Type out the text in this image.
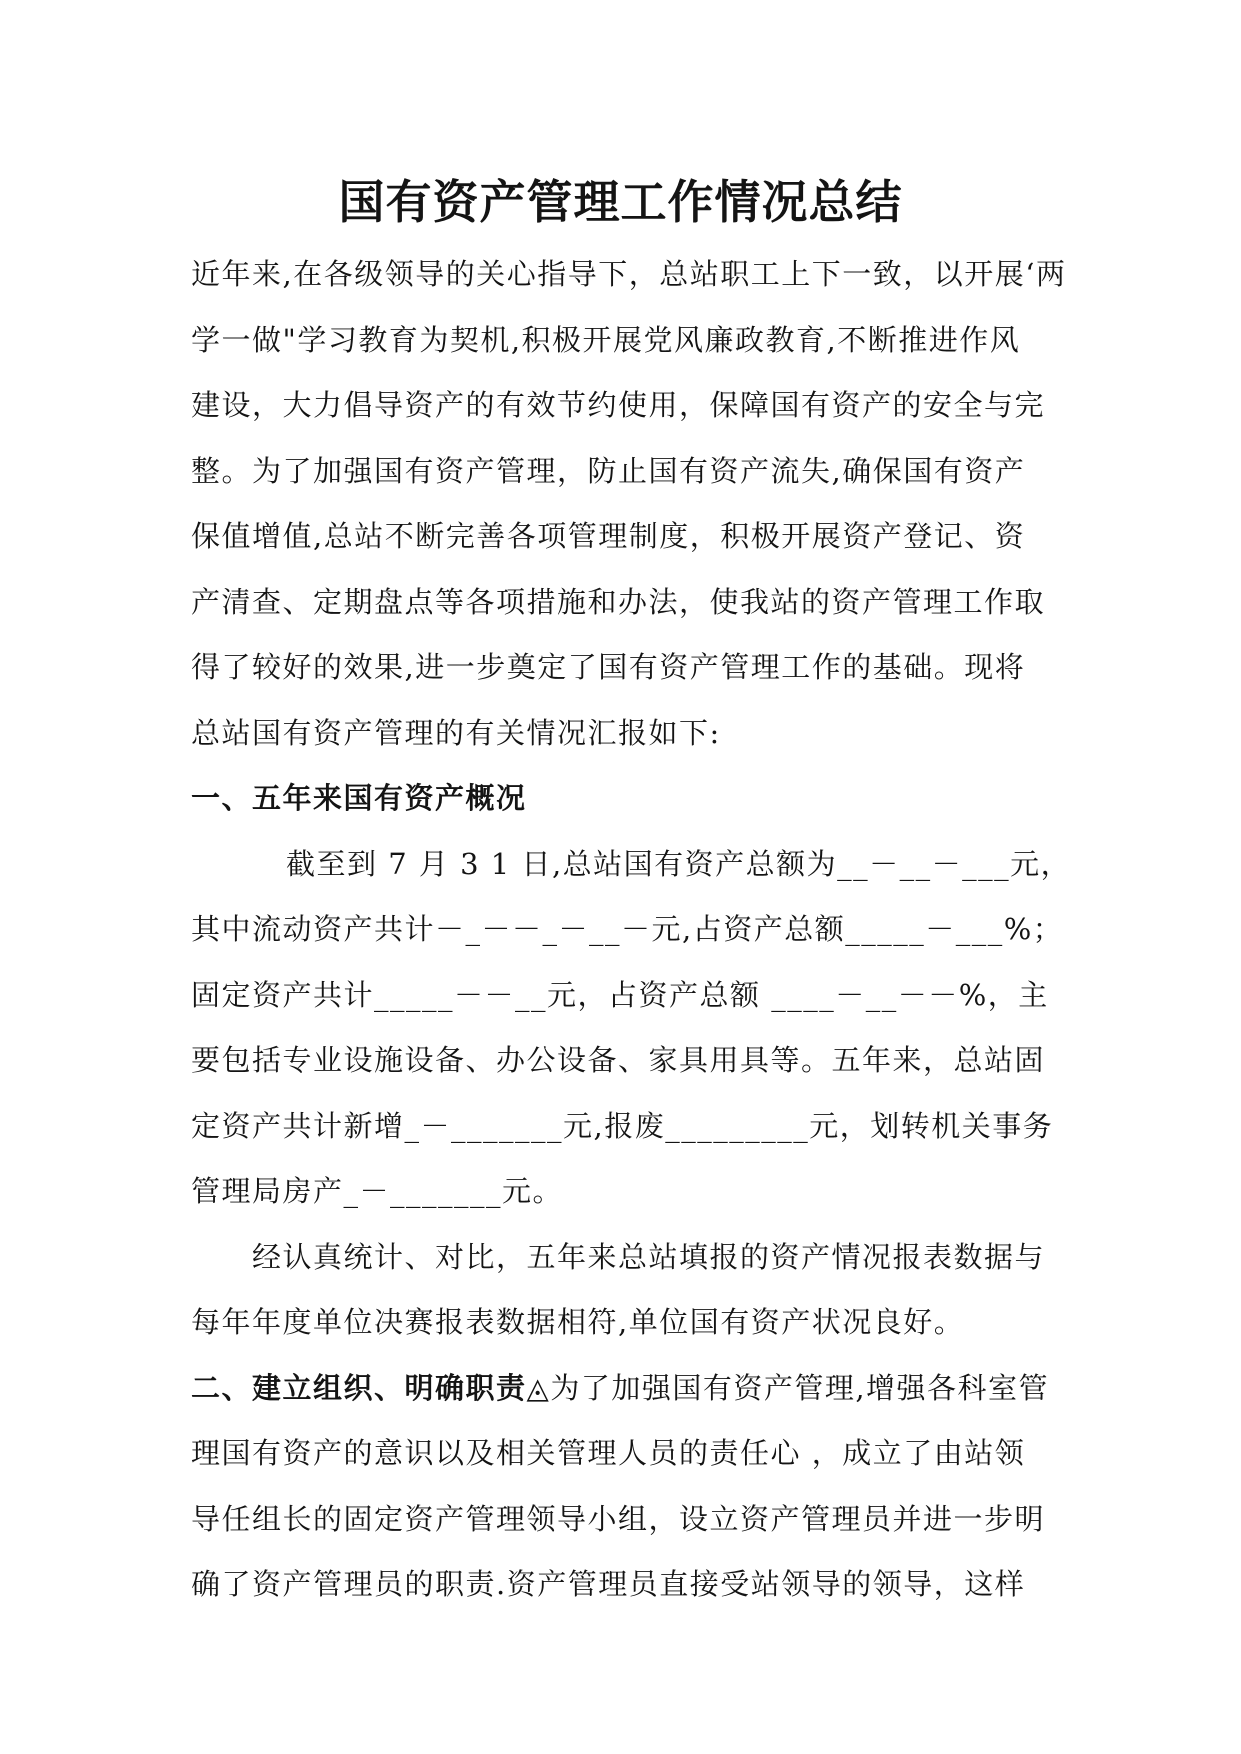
国有资产管理工作情况总结
近年来,在各级领导的关心指导下，总站职工上下一致，以开展‘两
学一做"学习教育为契机,积极开展党风廉政教育,不断推进作风
建设，大力倡导资产的有效节约使用，保障国有资产的安全与完
整。为了加强国有资产管理，防止国有资产流失,确保国有资产
保值增值,总站不断完善各项管理制度，积极开展资产登记、资
产清查、定期盘点等各项措施和办法，使我站的资产管理工作取
得了较好的效果,进一步奠定了国有资产管理工作的基础。现将
总站国有资产管理的有关情况汇报如下:
一、五年来国有资产概况
截至到 7 月 3 1 日,总站国有资产总额为__－__－___元，
其中流动资产共计－_－－_－__－元,占资产总额_____－___%；
固定资产共计_____－－__元，占资产总额 ____－__－－%，主
要包括专业设施设备、办公设备、家具用具等。五年来，总站固
定资产共计新增_－_______元,报废_________元，划转机关事务
管理局房产_－_______元。
经认真统计、对比，五年来总站填报的资产情况报表数据与
每年年度单位决赛报表数据相符,单位国有资产状况良好。
二、建立组织、明确职责◬为了加强国有资产管理,增强各科室管
理国有资产的意识以及相关管理人员的责任心 ，成立了由站领
导任组长的固定资产管理领导小组，设立资产管理员并进一步明
确了资产管理员的职责.资产管理员直接受站领导的领导，这样
